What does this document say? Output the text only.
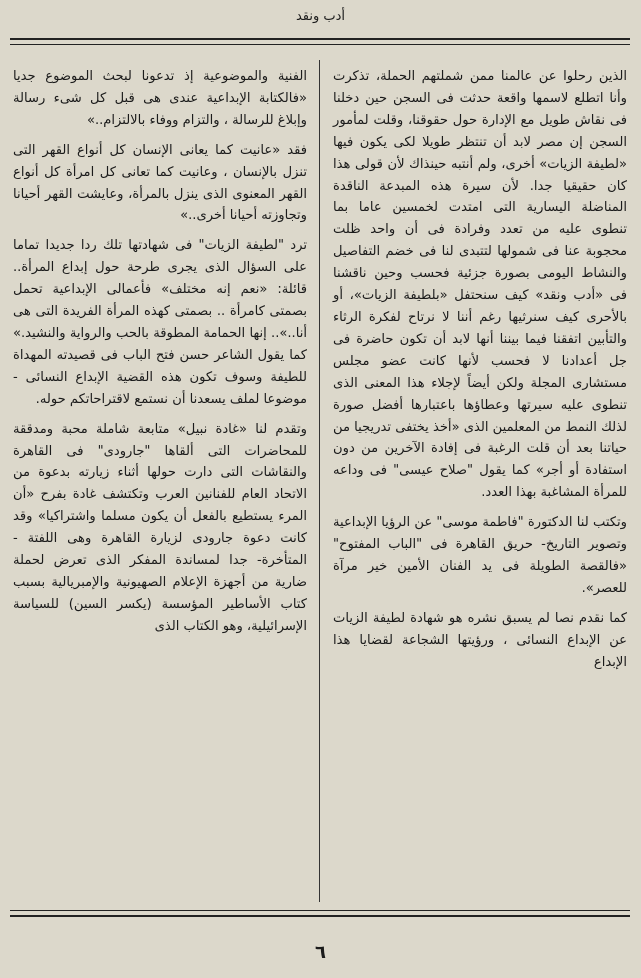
أدب ونقد

الذين رحلوا عن عالمنا ممن شملتهم الحملة، تذكرت وأنا اتطلع لاسمها واقعة حدثت فى السجن حين دخلنا فى نقاش طويل مع الإدارة حول حقوقنا، وقلت لمأمور السجن إن مصر لابد أن تنتظر طويلا لكى يكون فيها «لطيفة الزيات» أخرى، ولم أنتبه حينذاك لأن قولى هذا كان حقيقيا جدا. لأن سيرة هذه المبدعة الناقدة المناضلة اليسارية التى امتدت لخمسين عاما بما تنطوى عليه من تعدد وفرادة فى أن واحد ظلت محجوبة عنا فى شمولها لتتبدى لنا فى خضم التفاصيل والنشاط اليومى بصورة جزئية فحسب وحين ناقشنا فى «أدب ونقد» كيف سنحتفل «بلطيفة الزيات»، أو بالأحرى كيف سنرثيها رغم أننا لا نرتاح لفكرة الرثاء والتأبين اتفقنا فيما بيننا أنها لابد أن تكون حاضرة فى جل أعدادنا لا فحسب لأنها كانت عضو مجلس مستشارى المجلة ولكن أيضاً لإجلاء هذا المعنى الذى تنطوى عليه سيرتها وعطاؤها باعتبارها أفضل صورة لذلك النمط من المعلمين الذى «أخذ يختفى تدريجيا من حياتنا بعد أن قلت الرغبة فى إفادة الآخرين من دون استفادة أو أجر» كما يقول "صلاح عيسى" فى وداعه للمرأة المشاغبة بهذا العدد.

وتكتب لنا الدكتورة "فاطمة موسى" عن الرؤيا الإبداعية وتصوير التاريخ- حريق القاهرة فى "الباب المفتوح" «فالقصة الطويلة فى يد الفنان الأمين خير مرآة للعصر».

كما نقدم نصا لم يسبق نشره هو شهادة لطيفة الزيات عن الإبداع النسائى ، ورؤيتها الشجاعة لقضايا هذا الإبداع

الفنية والموضوعية إذ تدعونا لبحث الموضوع جديا «فالكتابة الإبداعية عندى هى قبل كل شىء رسالة وإبلاغ للرسالة ، والتزام ووفاء بالالتزام..»

فقد «عانيت كما يعانى الإنسان كل أنواع القهر التى تنزل بالإنسان ، وعانيت كما تعانى كل امرأة كل أنواع القهر المعنوى الذى ينزل بالمرأة، وعايشت القهر أحيانا وتجاوزته أحيانا أخرى..»

ترد "لطيفة الزيات" فى شهادتها تلك ردا جديدا تماما على السؤال الذى يجرى طرحة حول إبداع المرأة.. قائلة: «نعم إنه مختلف» فأعمالى الإبداعية تحمل بصمتى كامرأة .. بصمتى كهذه المرأة الفريدة التى هى أنا..».. إنها الحمامة المطوقة بالحب والرواية والنشيد.» كما يقول الشاعر حسن فتح الباب فى قصيدته المهداة للطيفة وسوف تكون هذه القضية الإبداع النسائى - موضوعا لملف يسعدنا أن نستمع لاقتراحاتكم حوله.

وتقدم لنا «غادة نبيل» متابعة شاملة محبة ومدققة للمحاضرات التى ألقاها "جارودى" فى القاهرة والنقاشات التى دارت حولها أثناء زيارته بدعوة من الاتحاد العام للفنانين العرب وتكتشف غادة بفرح «أن المرء يستطيع بالفعل أن يكون مسلما واشتراكيا» وقد كانت دعوة جارودى لزيارة القاهرة وهى اللفتة - المتأخرة- جدا لمساندة المفكر الذى تعرض لحملة ضارية من أجهزة الإعلام الصهيونية والإمبريالية بسبب كتاب الأساطير المؤسسة (يكسر السين) للسياسة الإسرائيلية، وهو الكتاب الذى

٦
